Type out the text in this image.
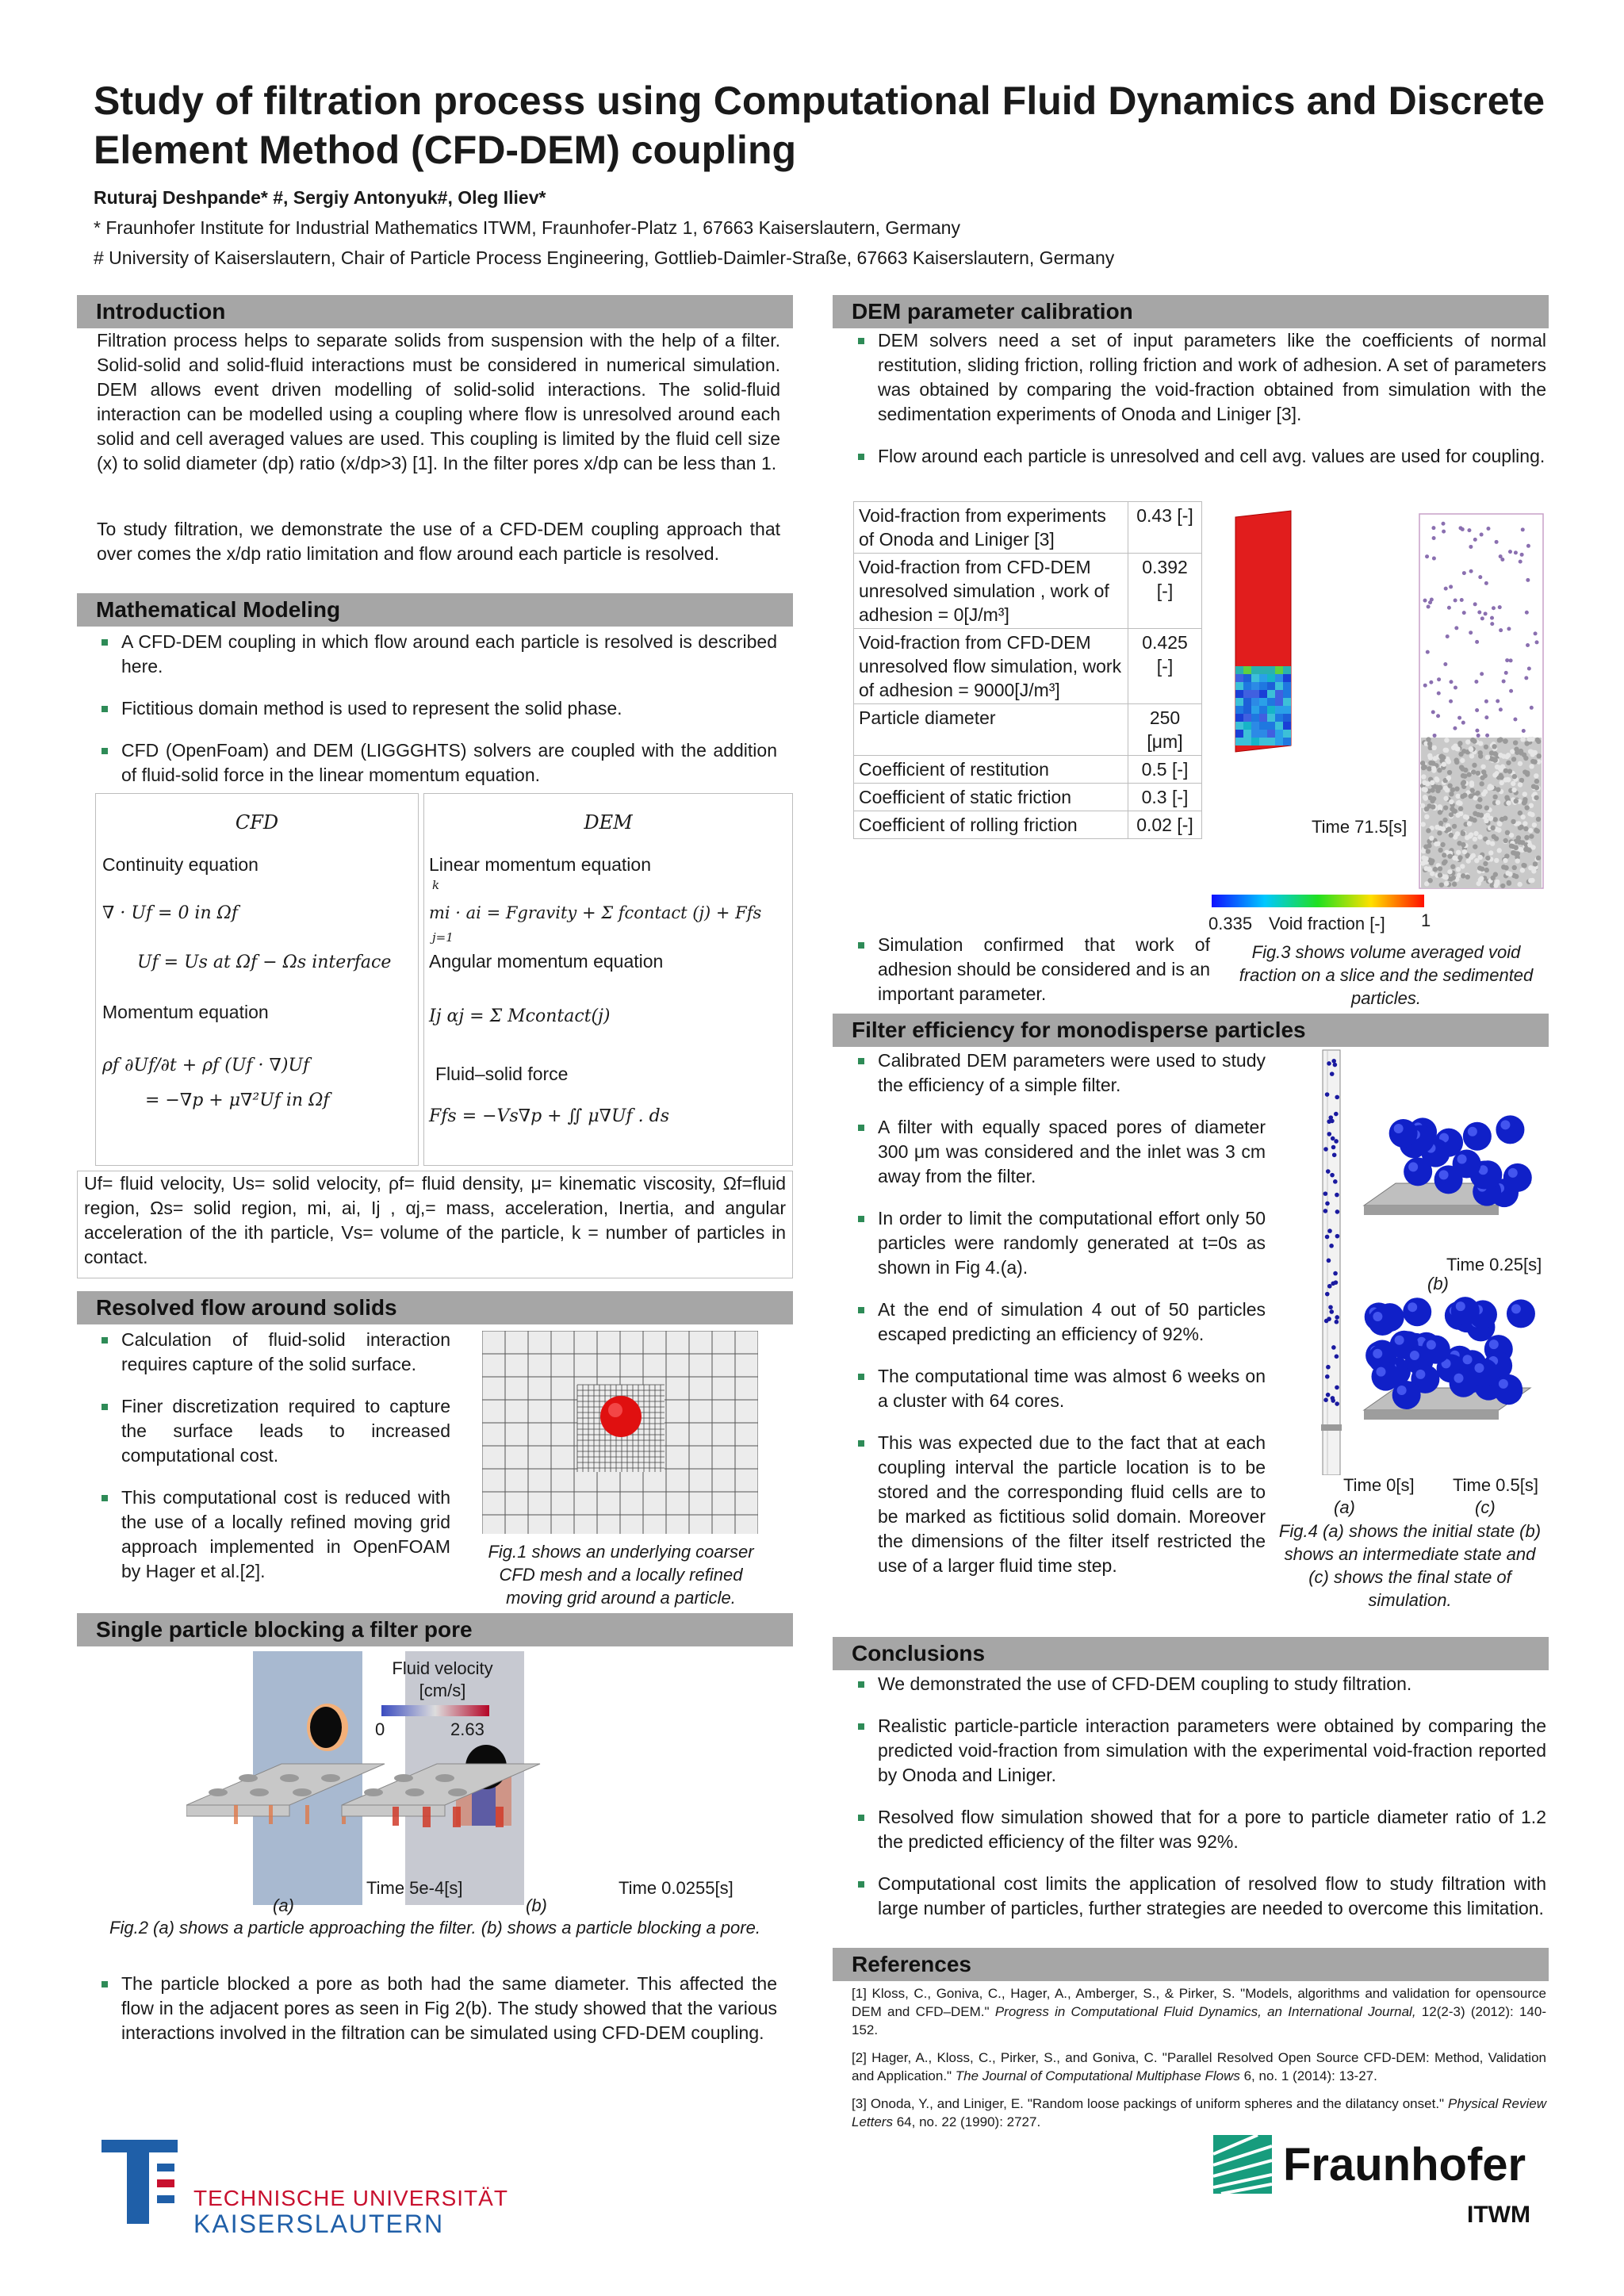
Study of filtration process using Computational Fluid Dynamics and Discrete Element Method (CFD-DEM) coupling
Ruturaj Deshpande* #, Sergiy Antonyuk#, Oleg Iliev*
* Fraunhofer Institute for Industrial Mathematics ITWM, Fraunhofer-Platz 1, 67663 Kaiserslautern, Germany
# University of Kaiserslautern, Chair of Particle Process Engineering, Gottlieb-Daimler-Straße, 67663 Kaiserslautern, Germany
Introduction
Filtration process helps to separate solids from suspension with the help of a filter. Solid-solid and solid-fluid interactions must be considered in numerical simulation. DEM allows event driven modelling of solid-solid interactions. The solid-fluid interaction can be modelled using a coupling where flow is unresolved around each solid and cell averaged values are used. This coupling is limited by the fluid cell size (x) to solid diameter (dp) ratio (x/dp>3) [1]. In the filter pores x/dp can be less than 1.
To study filtration, we demonstrate the use of a CFD-DEM coupling approach that over comes the x/dp ratio limitation and flow around each particle is resolved.
Mathematical Modeling
A CFD-DEM coupling in which flow around each particle is resolved is described here.
Fictitious domain method is used to represent the solid phase.
CFD (OpenFoam) and DEM (LIGGGHTS) solvers are coupled with the addition of fluid-solid force in the linear momentum equation.
CFD
Continuity equation
∇ · Uf = 0 in Ωf
Uf = Us at Ωf − Ωs interface
Momentum equation
ρf ∂Uf/∂t + ρf (Uf · ∇)Uf
= −∇p + μ∇²Uf in Ωf
DEM
Linear momentum equation
k
mi · ai = Fgravity + Σ fcontact (j) + Ffs
j=1
Angular momentum equation
Ij αj = Σ Mcontact(j)
Fluid–solid force
Ffs = −Vs∇p + ∬ μ∇Uf . ds
Uf= fluid velocity, Us= solid velocity, ρf= fluid density, μ= kinematic viscosity, Ωf=fluid region, Ωs= solid region, mi, ai, Ij , αj,= mass, acceleration, Inertia, and angular acceleration of the ith particle, Vs= volume of the particle, k = number of particles in contact.
Resolved flow around solids
Calculation of fluid-solid interaction requires capture of the solid surface.
Finer discretization required to capture the surface leads to increased computational cost.
This computational cost is reduced with the use of a locally refined moving grid approach implemented in OpenFOAM by Hager et al.[2].
Fig.1 shows an underlying coarser CFD mesh and a locally refined moving grid around a particle.
Single particle blocking a filter pore
Fluid velocity [cm/s]
0	2.63
Time 5e-4[s]	Time 0.0255[s]
(a)	(b)
Fig.2 (a) shows a particle approaching the filter. (b) shows a particle blocking a pore.
The particle blocked a pore as both had the same diameter. This affected the flow in the adjacent pores as seen in Fig 2(b). The study showed that the various interactions involved in the filtration can be simulated using CFD-DEM coupling.
TECHNISCHE UNIVERSITÄT
KAISERSLAUTERN
DEM parameter calibration
DEM solvers need a set of input parameters like the coefficients of normal restitution, sliding friction, rolling friction and work of adhesion. A set of parameters was obtained by comparing the void-fraction obtained from simulation with the sedimentation experiments of Onoda and Liniger [3].
Flow around each particle is unresolved and cell avg. values are used for coupling.
Void-fraction from experiments of Onoda and Liniger [3]	0.43 [-]
Void-fraction from CFD-DEM unresolved simulation , work of adhesion = 0[J/m³]	0.392 [-]
Void-fraction from CFD-DEM unresolved flow simulation, work of adhesion = 9000[J/m³]	0.425 [-]
Particle diameter	250 [μm]
Coefficient of restitution	0.5 [-]
Coefficient of static friction	0.3 [-]
Coefficient of rolling friction	0.02 [-]	Time 71.5[s]
0.335 Void fraction [-] 1
Simulation confirmed that work of adhesion should be considered and is an important parameter.
Fig.3 shows volume averaged void fraction on a slice and the sedimented particles.
Filter efficiency for monodisperse particles
Calibrated DEM parameters were used to study the efficiency of a simple filter.
A filter with equally spaced pores of diameter 300 μm was considered and the inlet was 3 cm away from the filter.
In order to limit the computational effort only 50 particles were randomly generated at t=0s as shown in Fig 4.(a).
At the end of simulation 4 out of 50 particles escaped predicting an efficiency of 92%.
The computational time was almost 6 weeks on a cluster with 64 cores.
This was expected due to the fact that at each coupling interval the particle location is to be stored and the corresponding fluid cells are to be marked as fictitious solid domain. Moreover the dimensions of the filter itself restricted the use of a larger fluid time step.
(b)
Time 0.25[s]
Time 0[s] Time 0.5[s]
(a)	(c)
Fig.4 (a) shows the initial state (b) shows an intermediate state and (c) shows the final state of simulation.
Conclusions
We demonstrated the use of CFD-DEM coupling to study filtration.
Realistic particle-particle interaction parameters were obtained by comparing the predicted void-fraction from simulation with the experimental void-fraction reported by Onoda and Liniger.
Resolved flow simulation showed that for a pore to particle diameter ratio of 1.2 the predicted efficiency of the filter was 92%.
Computational cost limits the application of resolved flow to study filtration with large number of particles, further strategies are needed to overcome this limitation.
References

[1] Kloss, C., Goniva, C., Hager, A., Amberger, S., & Pirker, S. "Models, algorithms and validation for opensource DEM and CFD–DEM." Progress in Computational Fluid Dynamics, an International Journal, 12(2-3) (2012): 140-152.

[2] Hager, A., Kloss, C., Pirker, S., and Goniva, C. "Parallel Resolved Open Source CFD-DEM: Method, Validation and Application." The Journal of Computational Multiphase Flows 6, no. 1 (2014): 13-27.

[3] Onoda, Y., and Liniger, E. "Random loose packings of uniform spheres and the dilatancy onset." Physical Review Letters 64, no. 22 (1990): 2727.

Fraunhofer
ITWM
